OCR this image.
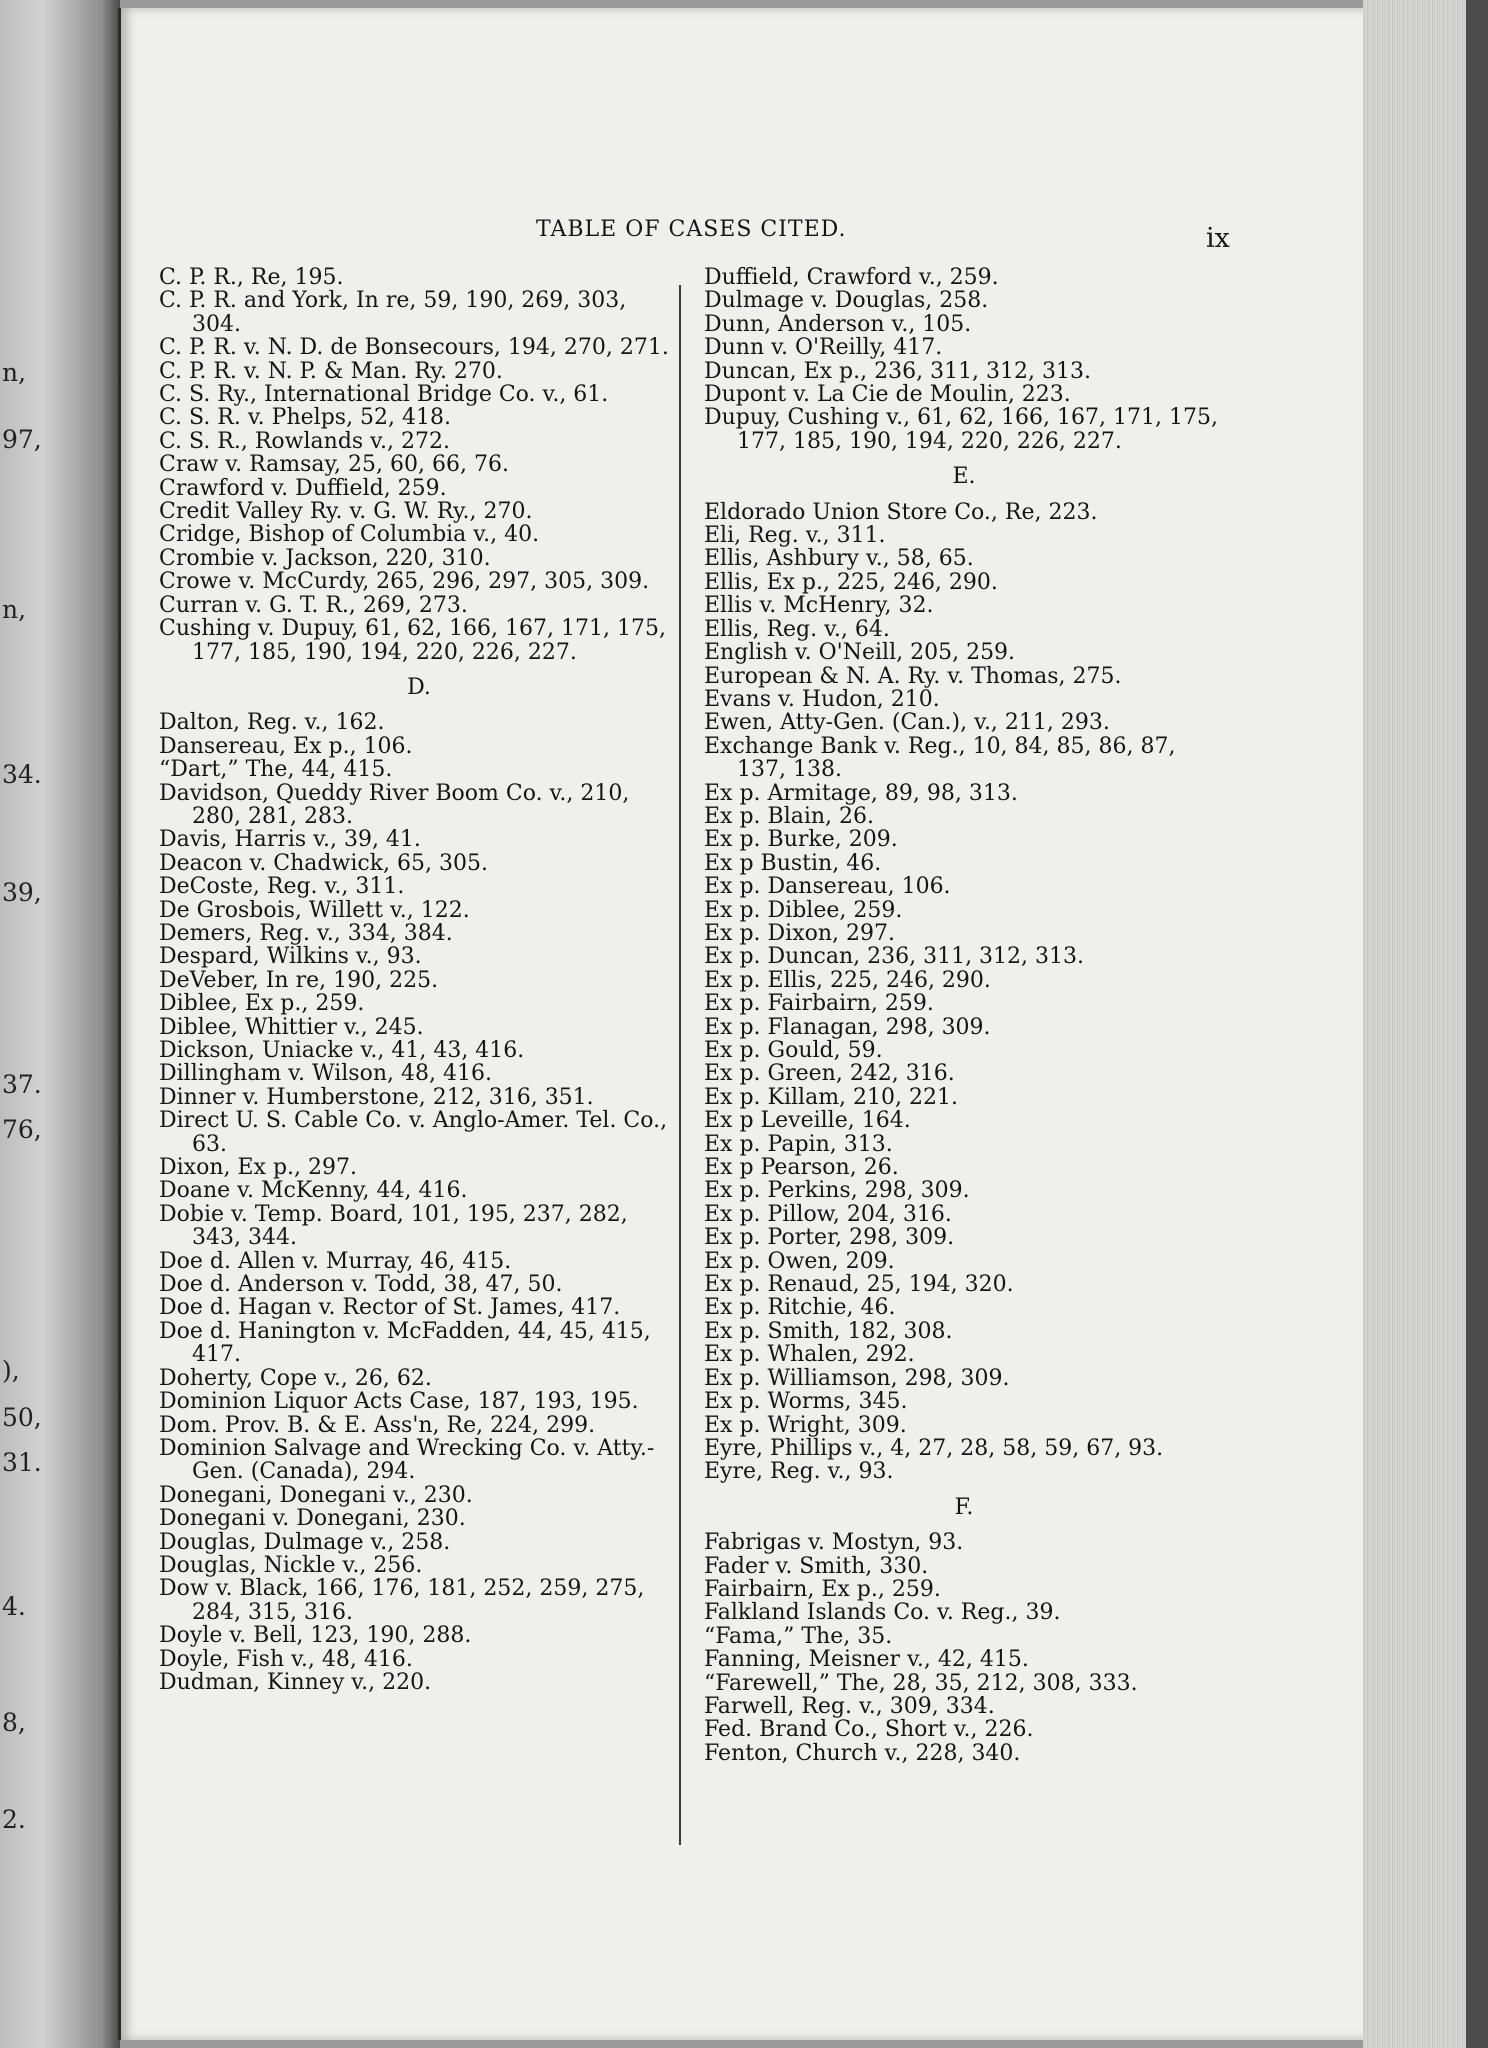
n,
97,
n,
34.
39,
37.
76,
),
50,
31.
4.
8,
2.
TABLE OF CASES CITED.	ix
C. P. R., Re, 195.
C. P. R. and York, In re, 59, 190, 269, 303, 304.
C. P. R. v. N. D. de Bonsecours, 194, 270, 271.
C. P. R. v. N. P. & Man. Ry. 270.
C. S. Ry., International Bridge Co. v., 61.
C. S. R. v. Phelps, 52, 418.
C. S. R., Rowlands v., 272.
Craw v. Ramsay, 25, 60, 66, 76.
Crawford v. Duffield, 259.
Credit Valley Ry. v. G. W. Ry., 270.
Cridge, Bishop of Columbia v., 40.
Crombie v. Jackson, 220, 310.
Crowe v. McCurdy, 265, 296, 297, 305, 309.
Curran v. G. T. R., 269, 273.
Cushing v. Dupuy, 61, 62, 166, 167, 171, 175, 177, 185, 190, 194, 220, 226, 227.
D.
Dalton, Reg. v., 162.
Dansereau, Ex p., 106.
“Dart,” The, 44, 415.
Davidson, Queddy River Boom Co. v., 210, 280, 281, 283.
Davis, Harris v., 39, 41.
Deacon v. Chadwick, 65, 305.
DeCoste, Reg. v., 311.
De Grosbois, Willett v., 122.
Demers, Reg. v., 334, 384.
Despard, Wilkins v., 93.
DeVeber, In re, 190, 225.
Diblee, Ex p., 259.
Diblee, Whittier v., 245.
Dickson, Uniacke v., 41, 43, 416.
Dillingham v. Wilson, 48, 416.
Dinner v. Humberstone, 212, 316, 351.
Direct U. S. Cable Co. v. Anglo-Amer. Tel. Co., 63.
Dixon, Ex p., 297.
Doane v. McKenny, 44, 416.
Dobie v. Temp. Board, 101, 195, 237, 282, 343, 344.
Doe d. Allen v. Murray, 46, 415.
Doe d. Anderson v. Todd, 38, 47, 50.
Doe d. Hagan v. Rector of St. James, 417.
Doe d. Hanington v. McFadden, 44, 45, 415, 417.
Doherty, Cope v., 26, 62.
Dominion Liquor Acts Case, 187, 193, 195.
Dom. Prov. B. & E. Ass'n, Re, 224, 299.
Dominion Salvage and Wrecking Co. v. Atty.-Gen. (Canada), 294.
Donegani, Donegani v., 230.
Donegani v. Donegani, 230.
Douglas, Dulmage v., 258.
Douglas, Nickle v., 256.
Dow v. Black, 166, 176, 181, 252, 259, 275, 284, 315, 316.
Doyle v. Bell, 123, 190, 288.
Doyle, Fish v., 48, 416.
Dudman, Kinney v., 220.
Duffield, Crawford v., 259.
Dulmage v. Douglas, 258.
Dunn, Anderson v., 105.
Dunn v. O'Reilly, 417.
Duncan, Ex p., 236, 311, 312, 313.
Dupont v. La Cie de Moulin, 223.
Dupuy, Cushing v., 61, 62, 166, 167, 171, 175, 177, 185, 190, 194, 220, 226, 227.
E.
Eldorado Union Store Co., Re, 223.
Eli, Reg. v., 311.
Ellis, Ashbury v., 58, 65.
Ellis, Ex p., 225, 246, 290.
Ellis v. McHenry, 32.
Ellis, Reg. v., 64.
English v. O'Neill, 205, 259.
European & N. A. Ry. v. Thomas, 275.
Evans v. Hudon, 210.
Ewen, Atty-Gen. (Can.), v., 211, 293.
Exchange Bank v. Reg., 10, 84, 85, 86, 87, 137, 138.
Ex p. Armitage, 89, 98, 313.
Ex p. Blain, 26.
Ex p. Burke, 209.
Ex p Bustin, 46.
Ex p. Dansereau, 106.
Ex p. Diblee, 259.
Ex p. Dixon, 297.
Ex p. Duncan, 236, 311, 312, 313.
Ex p. Ellis, 225, 246, 290.
Ex p. Fairbairn, 259.
Ex p. Flanagan, 298, 309.
Ex p. Gould, 59.
Ex p. Green, 242, 316.
Ex p. Killam, 210, 221.
Ex p Leveille, 164.
Ex p. Papin, 313.
Ex p Pearson, 26.
Ex p. Perkins, 298, 309.
Ex p. Pillow, 204, 316.
Ex p. Porter, 298, 309.
Ex p. Owen, 209.
Ex p. Renaud, 25, 194, 320.
Ex p. Ritchie, 46.
Ex p. Smith, 182, 308.
Ex p. Whalen, 292.
Ex p. Williamson, 298, 309.
Ex p. Worms, 345.
Ex p. Wright, 309.
Eyre, Phillips v., 4, 27, 28, 58, 59, 67, 93.
Eyre, Reg. v., 93.
F.
Fabrigas v. Mostyn, 93.
Fader v. Smith, 330.
Fairbairn, Ex p., 259.
Falkland Islands Co. v. Reg., 39.
“Fama,” The, 35.
Fanning, Meisner v., 42, 415.
“Farewell,” The, 28, 35, 212, 308, 333.
Farwell, Reg. v., 309, 334.
Fed. Brand Co., Short v., 226.
Fenton, Church v., 228, 340.
